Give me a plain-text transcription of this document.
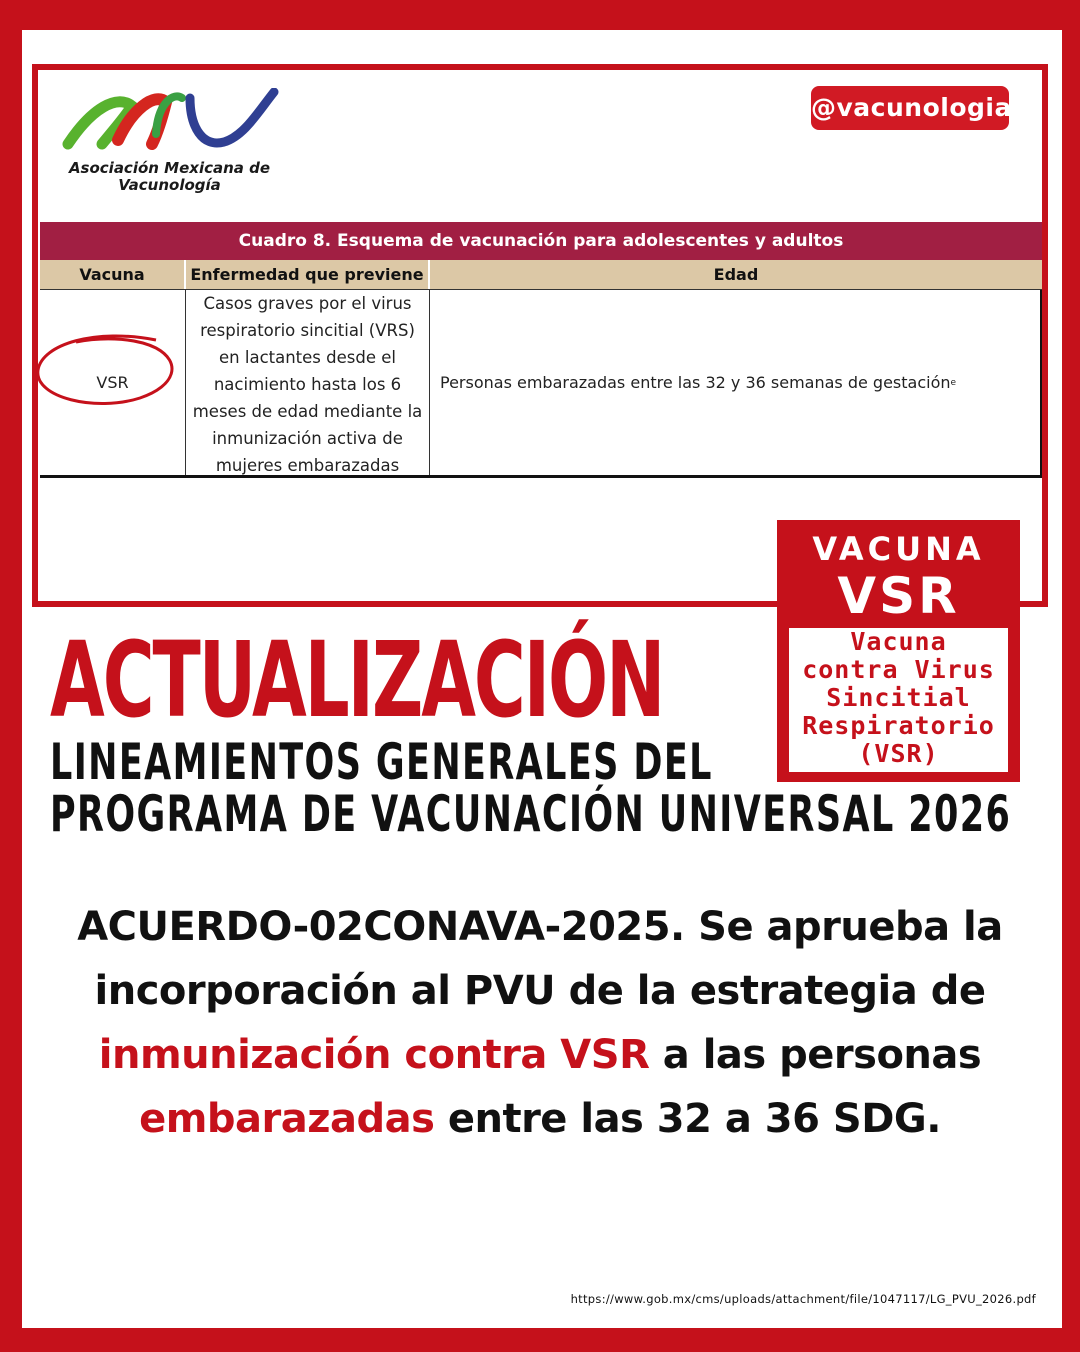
Asociación Mexicana de
Vacunología
@vacunologia
Cuadro 8. Esquema de vacunación para adolescentes y adultos
Vacuna	Enfermedad que previene	Edad
VSR
Casos graves por el virus
respiratorio sincitial (VRS)
en lactantes desde el
nacimiento hasta los 6
meses de edad mediante la
inmunización activa de
mujeres embarazadas
Personas embarazadas entre las 32 y 36 semanas de gestación e
VACUNA
VSR
Vacuna
contra Virus
Sincitial
Respiratorio
(VSR)
ACTUALIZACIÓN
LINEAMIENTOS GENERALES DEL
PROGRAMA DE VACUNACIÓN UNIVERSAL 2026
ACUERDO-02CONAVA-2025. Se aprueba la
incorporación al PVU de la estrategia de
inmunización contra VSR a las personas
embarazadas entre las 32 a 36 SDG.
https://www.gob.mx/cms/uploads/attachment/file/1047117/LG_PVU_2026.pdf
